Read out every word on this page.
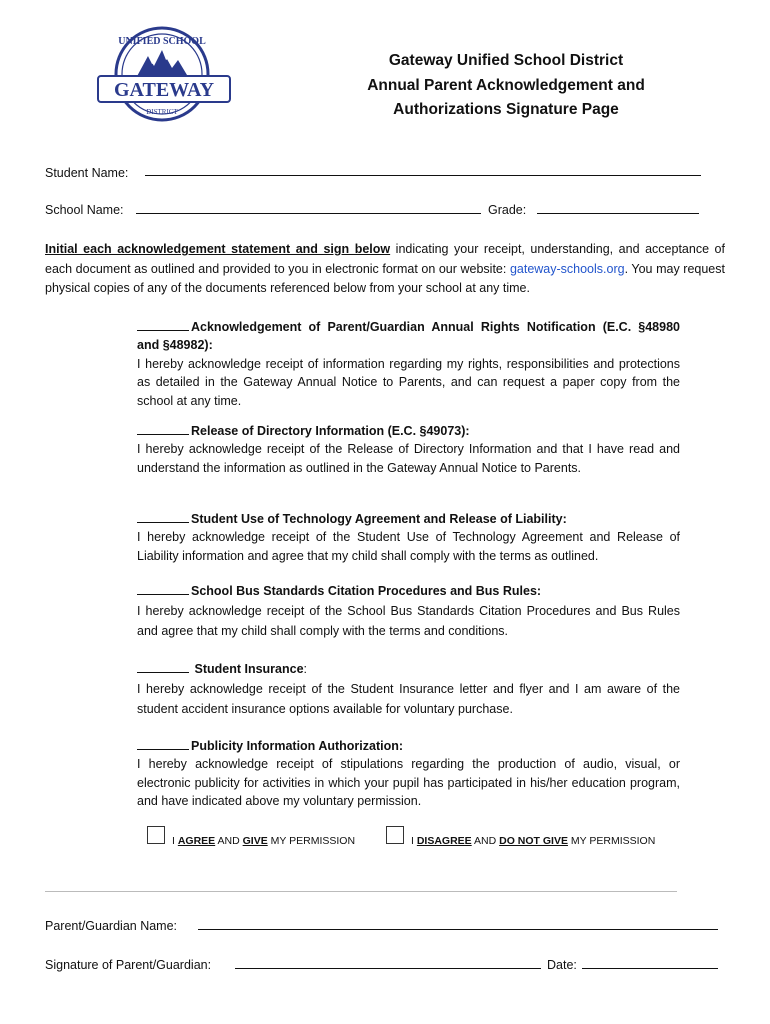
UNIFIED SCHOOL
GATEWAY
DISTRICT
Gateway Unified School District
Annual Parent Acknowledgement and
Authorizations Signature Page
Student Name:
School Name:	Grade:
Initial each acknowledgement statement and sign below indicating your receipt, understanding, and acceptance of each document as outlined and provided to you in electronic format on our website: gateway-schools.org. You may request physical copies of any of the documents referenced below from your school at any time.

Acknowledgement of Parent/Guardian Annual Rights Notification (E.C. §48980 and §48982):

I hereby acknowledge receipt of information regarding my rights, responsibilities and protections as detailed in the Gateway Annual Notice to Parents, and can request a paper copy from the school at any time.

Release of Directory Information (E.C. §49073):

I hereby acknowledge receipt of the Release of Directory Information and that I have read and understand the information as outlined in the Gateway Annual Notice to Parents.

Student Use of Technology Agreement and Release of Liability:

I hereby acknowledge receipt of the Student Use of Technology Agreement and Release of Liability information and agree that my child shall comply with the terms as outlined.

School Bus Standards Citation Procedures and Bus Rules:

I hereby acknowledge receipt of the School Bus Standards Citation Procedures and Bus Rules and agree that my child shall comply with the terms and conditions.

Student Insurance:

I hereby acknowledge receipt of the Student Insurance letter and flyer and I am aware of the student accident insurance options available for voluntary purchase.

Publicity Information Authorization:

I hereby acknowledge receipt of stipulations regarding the production of audio, visual, or electronic publicity for activities in which your pupil has participated in his/her education program, and have indicated above my voluntary permission.

I AGREE AND GIVE MY PERMISSION	I DISAGREE AND DO NOT GIVE MY PERMISSION
Parent/Guardian Name:
Signature of Parent/Guardian:	Date:
